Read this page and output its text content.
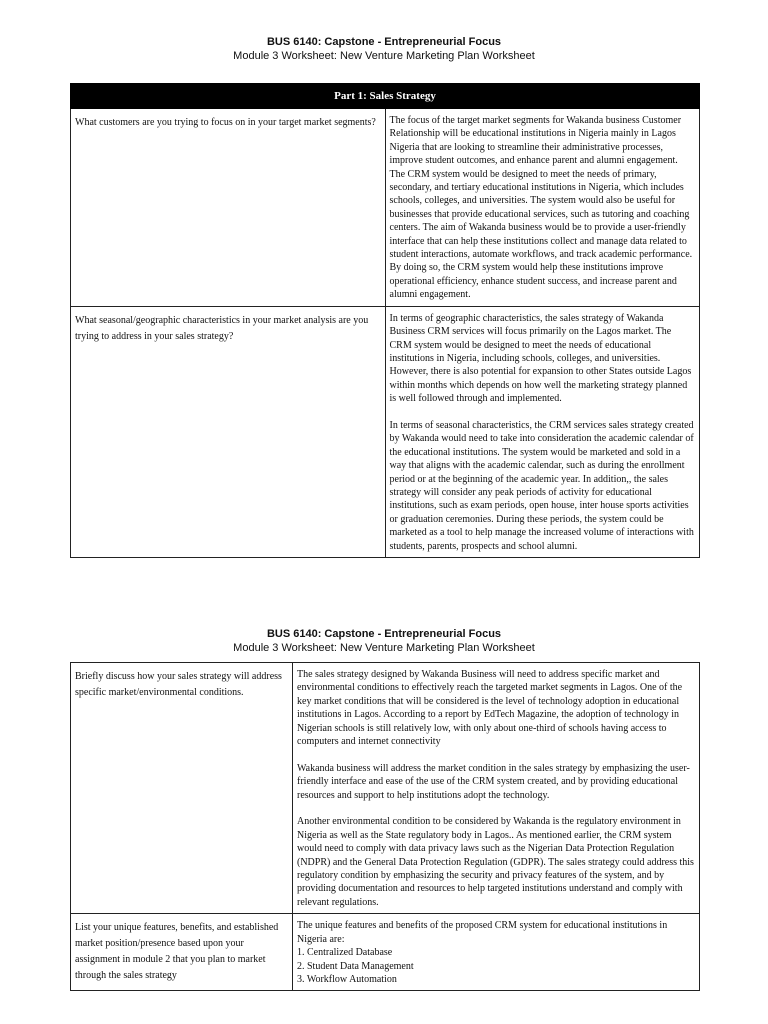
BUS 6140: Capstone - Entrepreneurial Focus
Module 3 Worksheet: New Venture Marketing Plan Worksheet
Part 1: Sales Strategy	

What customers are you trying to focus on in your target market segments?	The focus of the target market segments for Wakanda business Customer Relationship will be educational institutions in Nigeria mainly in Lagos Nigeria that are looking to streamline their administrative processes, improve student outcomes, and enhance parent and alumni engagement. The CRM system would be designed to meet the needs of primary, secondary, and tertiary educational institutions in Nigeria, which includes schools, colleges, and universities. The system would also be useful for businesses that provide educational services, such as tutoring and coaching centers. The aim of Wakanda business would be to provide a user-friendly interface that can help these institutions collect and manage data related to student interactions, automate workflows, and track academic performance. By doing so, the CRM system would help these institutions improve operational efficiency, enhance student success, and increase parent and alumni engagement.

What seasonal/geographic characteristics in your market analysis are you trying to address in your sales strategy?	In terms of geographic characteristics, the sales strategy of Wakanda Business CRM services will focus primarily on the Lagos market. The CRM system would be designed to meet the needs of educational institutions in Nigeria, including schools, colleges, and universities. However, there is also potential for expansion to other States outside Lagos within months which depends on how well the marketing strategy planned is well followed through and implemented.

In terms of seasonal characteristics, the CRM services sales strategy created by Wakanda would need to take into consideration the academic calendar of the educational institutions. The system would be marketed and sold in a way that aligns with the academic calendar, such as during the enrollment period or at the beginning of the academic year. In addition,, the sales strategy will consider any peak periods of activity for educational institutions, such as exam periods, open house, inter house sports activities or graduation ceremonies. During these periods, the system could be marketed as a tool to help manage the increased volume of interactions with students, parents, prospects and school alumni.

BUS 6140: Capstone - Entrepreneurial Focus
Module 3 Worksheet: New Venture Marketing Plan Worksheet
Briefly discuss how your sales strategy will address specific market/environmental conditions.	The sales strategy designed by Wakanda Business will need to address specific market and environmental conditions to effectively reach the targeted market segments in Lagos. One of the key market conditions that will be considered is the level of technology adoption in educational institutions in Lagos. According to a report by EdTech Magazine, the adoption of technology in Nigerian schools is still relatively low, with only about one-third of schools having access to computers and internet connectivity

Wakanda business will address the market condition in the sales strategy by emphasizing the user-friendly interface and ease of the use of the CRM system created, and by providing educational resources and support to help institutions adopt the technology.

Another environmental condition to be considered by Wakanda is the regulatory environment in Nigeria as well as the State regulatory body in Lagos.. As mentioned earlier, the CRM system would need to comply with data privacy laws such as the Nigerian Data Protection Regulation (NDPR) and the General Data Protection Regulation (GDPR). The sales strategy could address this regulatory condition by emphasizing the security and privacy features of the system, and by providing documentation and resources to help targeted institutions understand and comply with relevant regulations.

List your unique features, benefits, and established market position/presence based upon your assignment in module 2 that you plan to market through the sales strategy	The unique features and benefits of the proposed CRM system for educational institutions in Nigeria are:
1. Centralized Database
2. Student Data Management
3. Workflow Automation
